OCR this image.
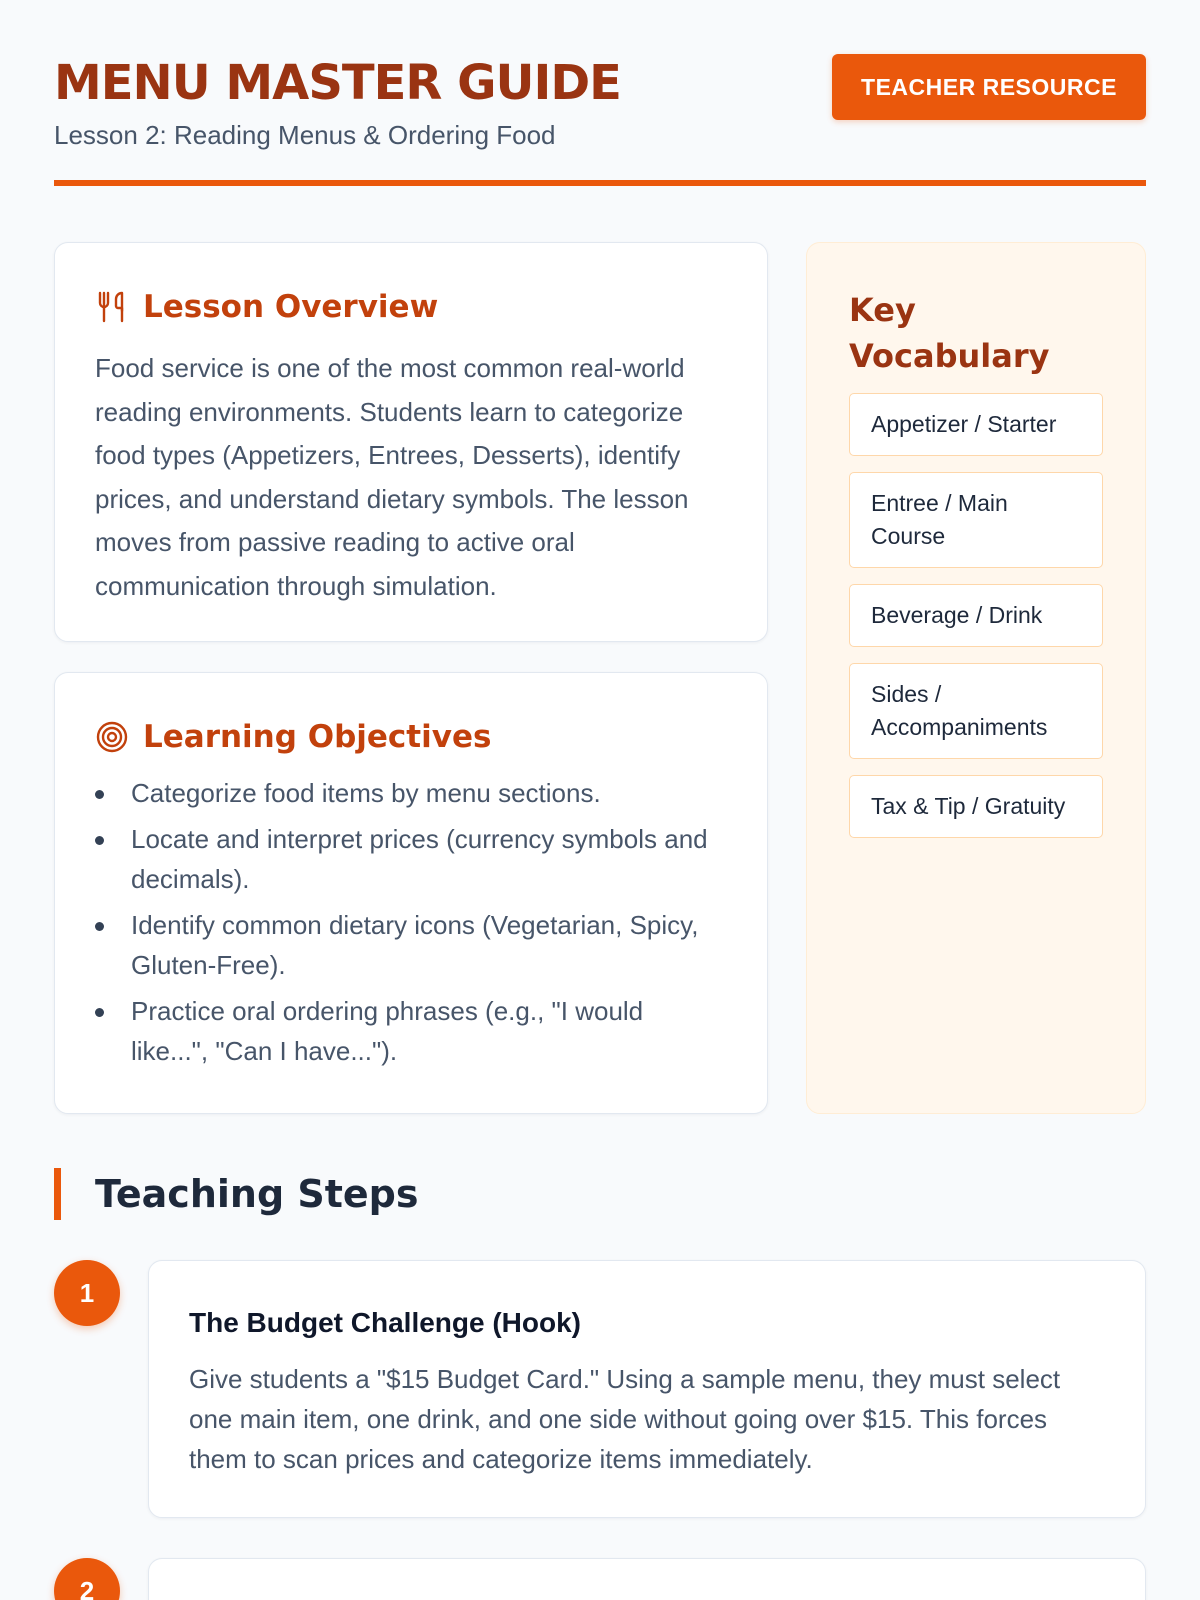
MENU MASTER GUIDE
Lesson 2: Reading Menus & Ordering Food
TEACHER RESOURCE
Lesson Overview

Food service is one of the most common real-world reading environments. Students learn to categorize food types (Appetizers, Entrees, Desserts), identify prices, and understand dietary symbols. The lesson moves from passive reading to active oral communication through simulation.

Learning Objectives
Categorize food items by menu sections.
Locate and interpret prices (currency symbols and decimals).
Identify common dietary icons (Vegetarian, Spicy, Gluten-Free).
Practice oral ordering phrases (e.g., "I would like...", "Can I have...").
Key
Vocabulary
Appetizer / Starter
Entree / Main Course
Beverage / Drink
Sides / Accompaniments
Tax & Tip / Gratuity
Teaching Steps
1
The Budget Challenge (Hook)

Give students a "$15 Budget Card." Using a sample menu, they must select one main item, one drink, and one side without going over $15. This forces them to scan prices and categorize items immediately.

2
